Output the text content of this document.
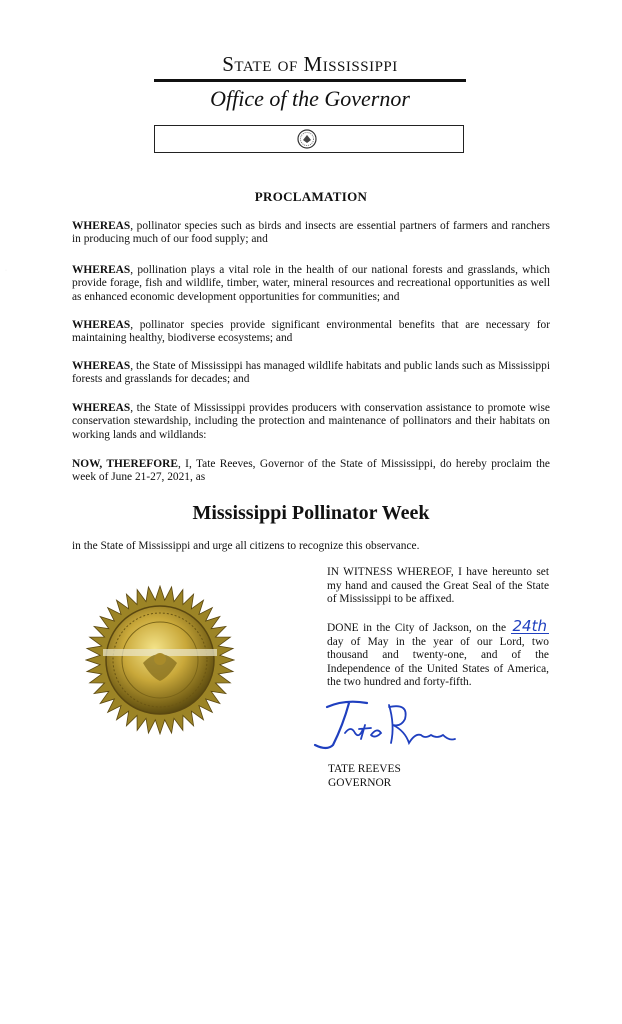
State of Mississippi
Office of the Governor
PROCLAMATION
WHEREAS, pollinator species such as birds and insects are essential partners of farmers and ranchers in producing much of our food supply; and
WHEREAS, pollination plays a vital role in the health of our national forests and grasslands, which provide forage, fish and wildlife, timber, water, mineral resources and recreational opportunities as well as enhanced economic development opportunities for communities; and
WHEREAS, pollinator species provide significant environmental benefits that are necessary for maintaining healthy, biodiverse ecosystems; and
WHEREAS, the State of Mississippi has managed wildlife habitats and public lands such as Mississippi forests and grasslands for decades; and
WHEREAS, the State of Mississippi provides producers with conservation assistance to promote wise conservation stewardship, including the protection and maintenance of pollinators and their habitats on working lands and wildlands:
NOW, THEREFORE, I, Tate Reeves, Governor of the State of Mississippi, do hereby proclaim the week of June 21-27, 2021, as
Mississippi Pollinator Week
in the State of Mississippi and urge all citizens to recognize this observance.
IN WITNESS WHEREOF, I have hereunto set my hand and caused the Great Seal of the State of Mississippi to be affixed.
DONE in the City of Jackson, on the 24th day of May in the year of our Lord, two thousand and twenty-one, and of the Independence of the United States of America, the two hundred and forty-fifth.
TATE REEVES
GOVERNOR
·
